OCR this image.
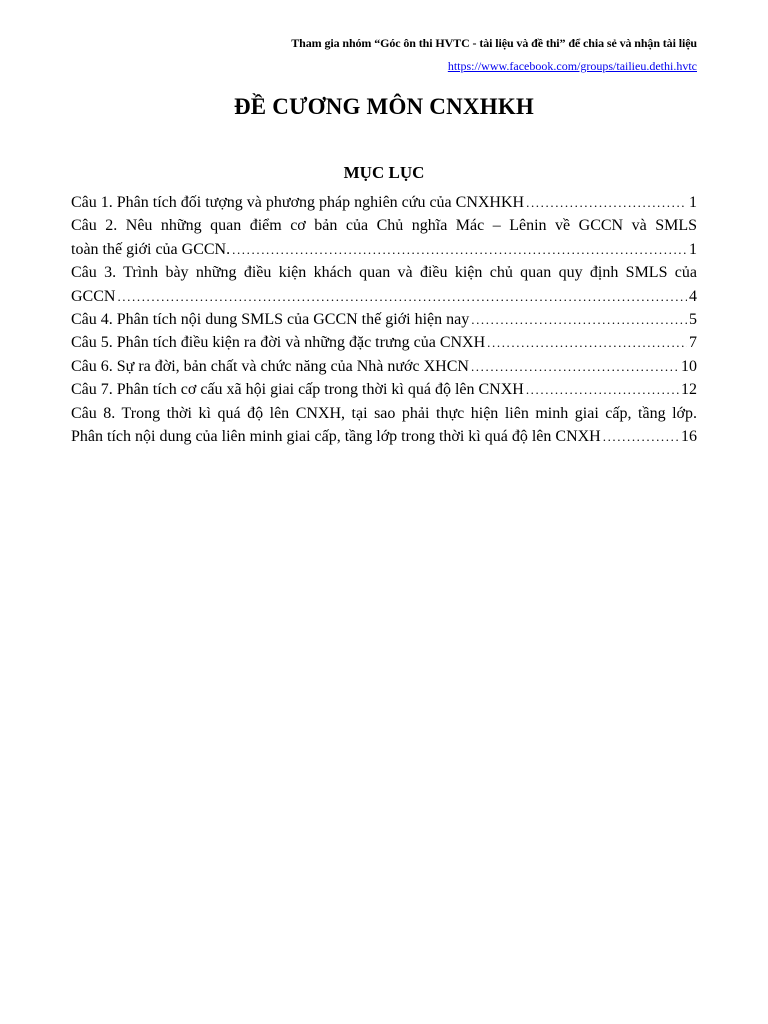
Tham gia nhóm “Góc ôn thi HVTC - tài liệu và đề thi” để chia sẻ và nhận tài liệu
https://www.facebook.com/groups/tailieu.dethi.hvtc
ĐỀ CƯƠNG MÔN CNXHKH
MỤC LỤC
Câu 1. Phân tích đối tượng và phương pháp nghiên cứu của CNXHKH .....	1
Câu 2. Nêu những quan điểm cơ bản của Chủ nghĩa Mác – Lênin về GCCN và SMLS
toàn thế giới của GCCN. .....	1
Câu 3. Trình bày những điều kiện khách quan và điều kiện chủ quan quy định SMLS của
GCCN .....	4
Câu 4. Phân tích nội dung SMLS của GCCN thế giới hiện nay .....	5
Câu 5. Phân tích điều kiện ra đời và những đặc trưng của CNXH .....	7
Câu 6. Sự ra đời, bản chất và chức năng của Nhà nước XHCN .....	10
Câu 7. Phân tích cơ cấu xã hội giai cấp trong thời kì quá độ lên CNXH .....	12
Câu 8. Trong thời kì quá độ lên CNXH, tại sao phải thực hiện liên minh giai cấp, tầng lớp.
Phân tích nội dung của liên minh giai cấp, tầng lớp trong thời kì quá độ lên CNXH .....	16
